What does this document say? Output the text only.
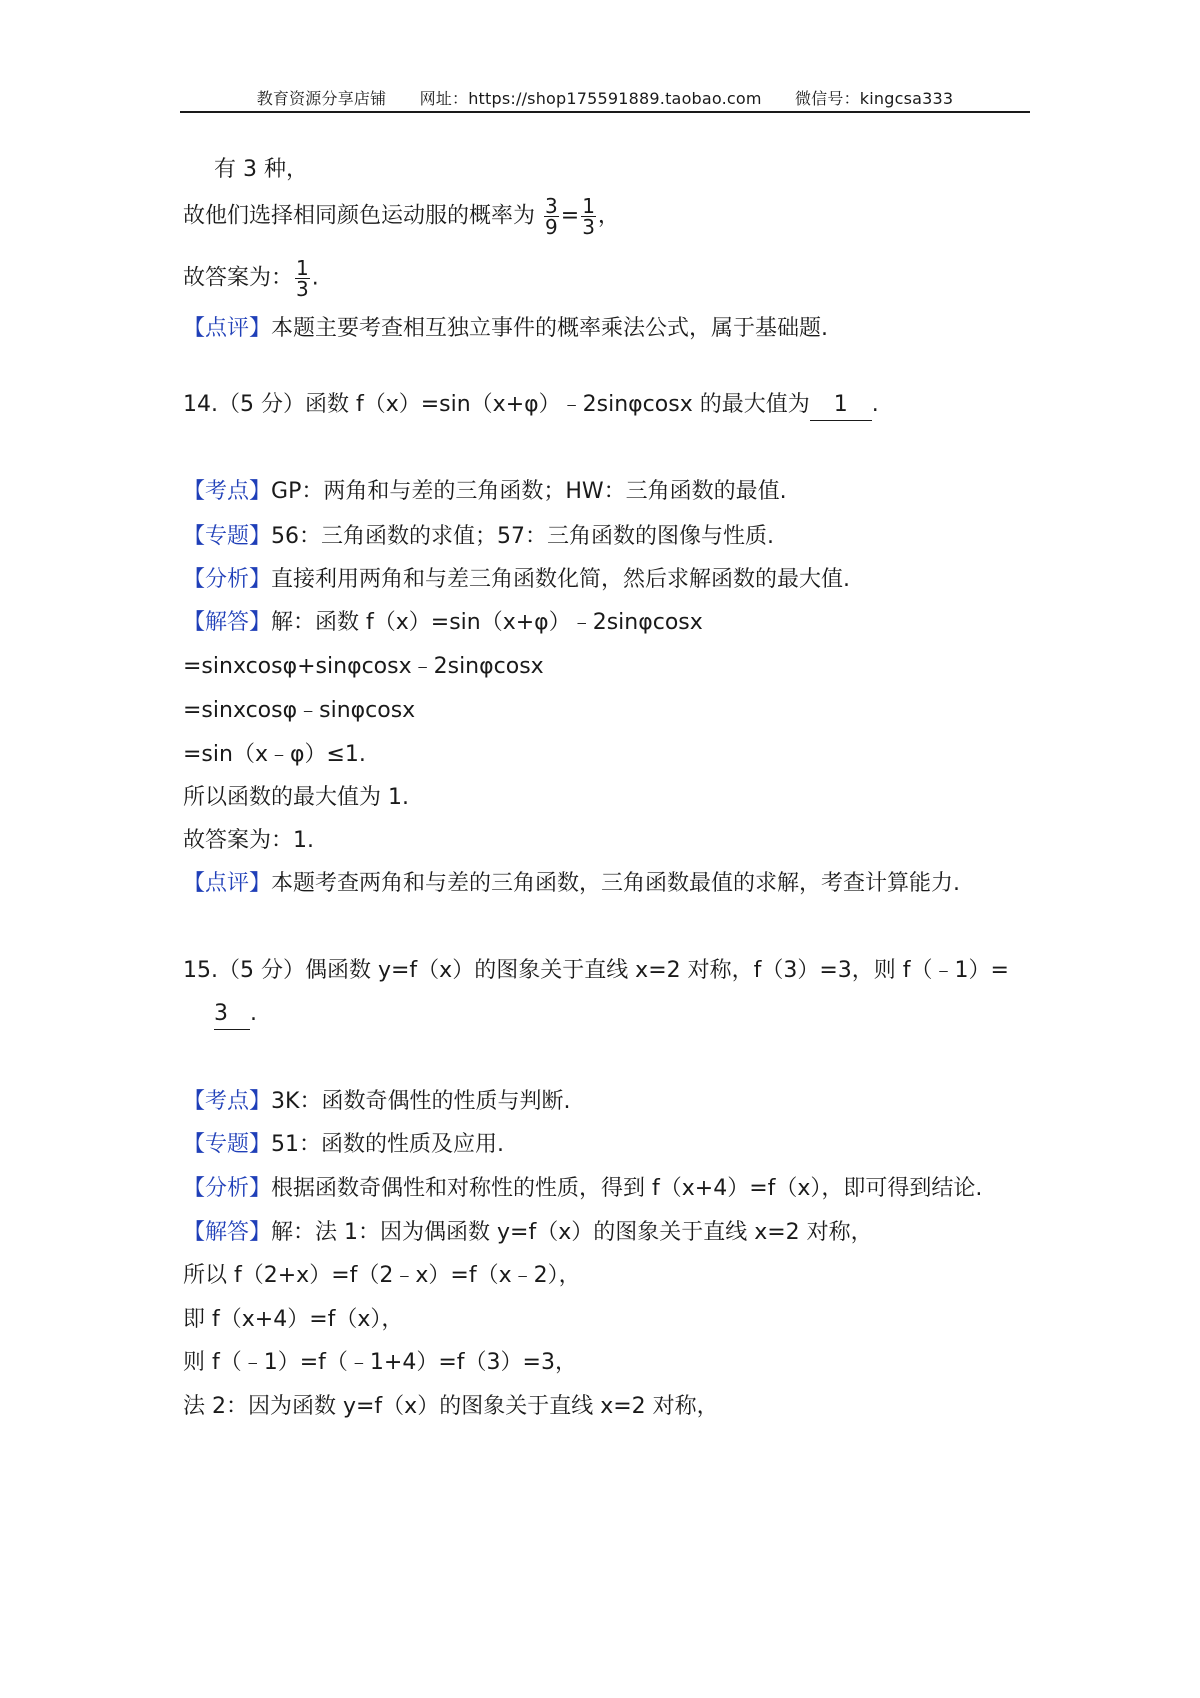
教育资源分享店铺 网址：https://shop175591889.taobao.com 微信号：kingcsa333
有 3 种，
故他们选择相同颜色运动服的概率为 $\frac{3}{9} = \frac{1}{3}$ ，
故答案为： $\frac{1}{3}$ .
【点评】本题主要考查相互独立事件的概率乘法公式，属于基础题.
14.（5 分）函数 f（x）=sin（x+φ）﹣2sinφcosx 的最大值为 1 .
【考点】GP：两角和与差的三角函数；HW：三角函数的最值.
【专题】56：三角函数的求值；57：三角函数的图像与性质.
【分析】直接利用两角和与差三角函数化简，然后求解函数的最大值.
【解答】解：函数 f（x）=sin（x+φ）﹣2sinφcosx
=sinxcosφ+sinφcosx﹣2sinφcosx
=sinxcosφ﹣sinφcosx
=sin（x﹣φ）≤1.
所以函数的最大值为 1.
故答案为：1.
【点评】本题考查两角和与差的三角函数，三角函数最值的求解，考查计算能力.
15.（5 分）偶函数 y=f（x）的图象关于直线 x=2 对称，f（3）=3，则 f（﹣1）=
3 .
【考点】3K：函数奇偶性的性质与判断.
【专题】51：函数的性质及应用.
【分析】根据函数奇偶性和对称性的性质，得到 f（x+4）=f（x），即可得到结论.
【解答】解：法 1：因为偶函数 y=f（x）的图象关于直线 x=2 对称，
所以 f（2+x）=f（2﹣x）=f（x﹣2），
即 f（x+4）=f（x），
则 f（﹣1）=f（﹣1+4）=f（3）=3，
法 2：因为函数 y=f（x）的图象关于直线 x=2 对称，
